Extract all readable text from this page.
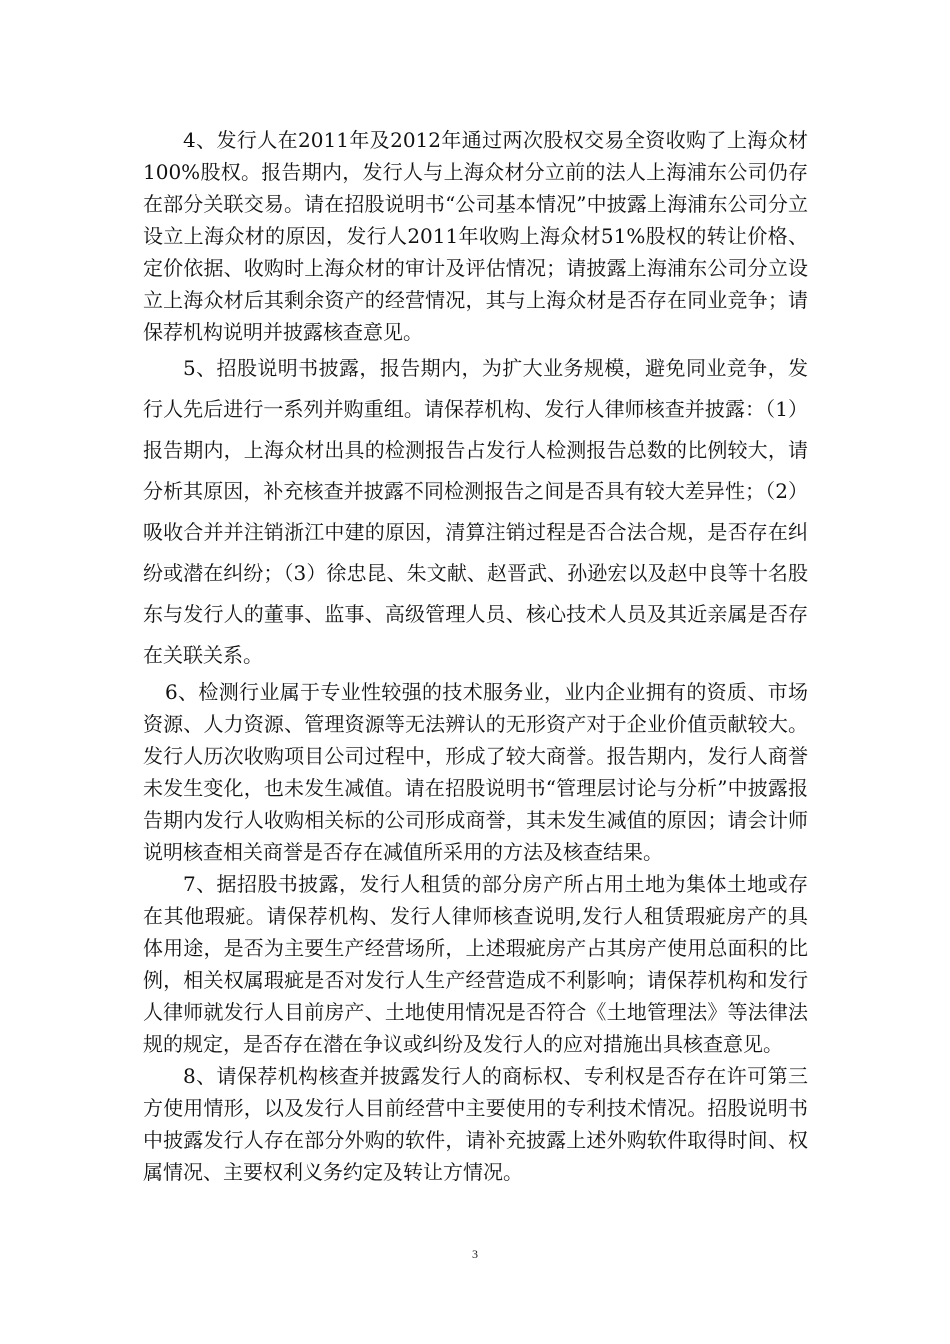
4、发行人在2011年及2012年通过两次股权交易全资收购了上海众材100%股权。报告期内，发行人与上海众材分立前的法人上海浦东公司仍存在部分关联交易。请在招股说明书“公司基本情况”中披露上海浦东公司分立设立上海众材的原因，发行人2011年收购上海众材51%股权的转让价格、定价依据、收购时上海众材的审计及评估情况；请披露上海浦东公司分立设立上海众材后其剩余资产的经营情况，其与上海众材是否存在同业竞争；请保荐机构说明并披露核查意见。

5、招股说明书披露，报告期内，为扩大业务规模，避免同业竞争，发行人先后进行一系列并购重组。请保荐机构、发行人律师核查并披露：（1）报告期内，上海众材出具的检测报告占发行人检测报告总数的比例较大，请分析其原因，补充核查并披露不同检测报告之间是否具有较大差异性；（2）吸收合并并注销浙江中建的原因，清算注销过程是否合法合规，是否存在纠纷或潜在纠纷；（3）徐忠昆、朱文献、赵晋武、孙逊宏以及赵中良等十名股东与发行人的董事、监事、高级管理人员、核心技术人员及其近亲属是否存在关联关系。

6、检测行业属于专业性较强的技术服务业，业内企业拥有的资质、市场资源、人力资源、管理资源等无法辨认的无形资产对于企业价值贡献较大。发行人历次收购项目公司过程中，形成了较大商誉。报告期内，发行人商誉未发生变化，也未发生减值。请在招股说明书“管理层讨论与分析”中披露报告期内发行人收购相关标的公司形成商誉，其未发生减值的原因；请会计师说明核查相关商誉是否存在减值所采用的方法及核查结果。

7、据招股书披露，发行人租赁的部分房产所占用土地为集体土地或存在其他瑕疵。请保荐机构、发行人律师核查说明,发行人租赁瑕疵房产的具体用途，是否为主要生产经营场所，上述瑕疵房产占其房产使用总面积的比例，相关权属瑕疵是否对发行人生产经营造成不利影响；请保荐机构和发行人律师就发行人目前房产、土地使用情况是否符合《土地管理法》等法律法规的规定，是否存在潜在争议或纠纷及发行人的应对措施出具核查意见。

8、请保荐机构核查并披露发行人的商标权、专利权是否存在许可第三方使用情形，以及发行人目前经营中主要使用的专利技术情况。招股说明书中披露发行人存在部分外购的软件，请补充披露上述外购软件取得时间、权属情况、主要权利义务约定及转让方情况。

3
